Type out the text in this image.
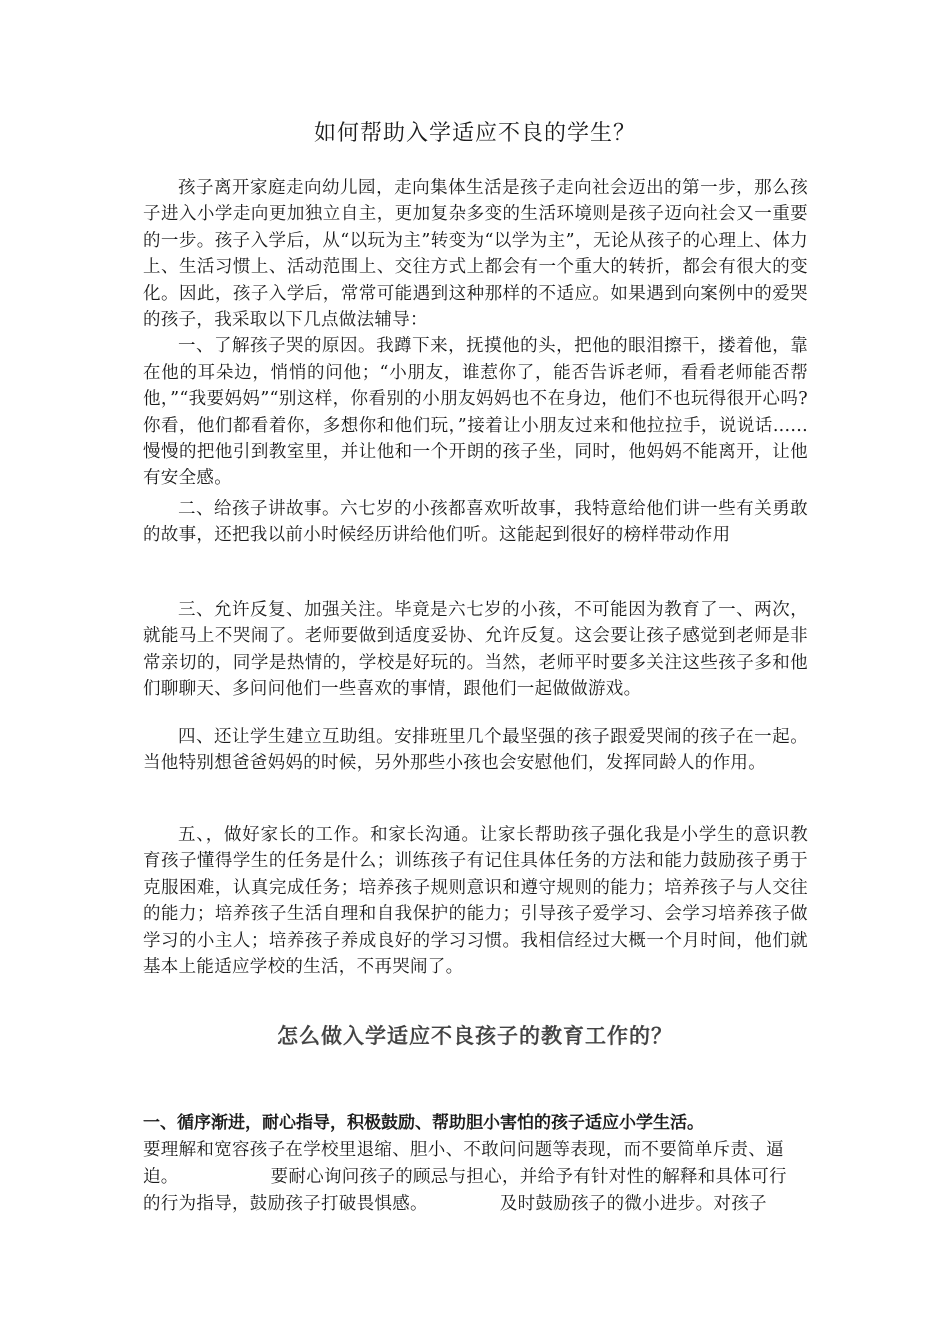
如何帮助入学适应不良的学生？

孩子离开家庭走向幼儿园，走向集体生活是孩子走向社会迈出的第一步，那么孩子进入小学走向更加独立自主，更加复杂多变的生活环境则是孩子迈向社会又一重要的一步。孩子入学后，从“以玩为主”转变为“以学为主”，无论从孩子的心理上、体力上、生活习惯上、活动范围上、交往方式上都会有一个重大的转折，都会有很大的变化。因此，孩子入学后，常常可能遇到这种那样的不适应。如果遇到向案例中的爱哭的孩子，我采取以下几点做法辅导：

一、了解孩子哭的原因。我蹲下来，抚摸他的头，把他的眼泪擦干，搂着他，靠在他的耳朵边，悄悄的问他；“小朋友，谁惹你了，能否告诉老师，看看老师能否帮他，”“我要妈妈”“别这样，你看别的小朋友妈妈也不在身边，他们不也玩得很开心吗?你看，他们都看着你，多想你和他们玩，”接着让小朋友过来和他拉拉手，说说话......慢慢的把他引到教室里，并让他和一个开朗的孩子坐，同时，他妈妈不能离开，让他有安全感。

二、给孩子讲故事。六七岁的小孩都喜欢听故事，我特意给他们讲一些有关勇敢的故事，还把我以前小时候经历讲给他们听。这能起到很好的榜样带动作用

三、允许反复、加强关注。毕竟是六七岁的小孩，不可能因为教育了一、两次，就能马上不哭闹了。老师要做到适度妥协、允许反复。这会要让孩子感觉到老师是非常亲切的，同学是热情的，学校是好玩的。当然，老师平时要多关注这些孩子多和他们聊聊天、多问问他们一些喜欢的事情，跟他们一起做做游戏。

四、还让学生建立互助组。安排班里几个最坚强的孩子跟爱哭闹的孩子在一起。当他特别想爸爸妈妈的时候，另外那些小孩也会安慰他们，发挥同龄人的作用。

五、，做好家长的工作。和家长沟通。让家长帮助孩子强化我是小学生的意识教育孩子懂得学生的任务是什么；训练孩子有记住具体任务的方法和能力鼓励孩子勇于克服困难，认真完成任务；培养孩子规则意识和遵守规则的能力；培养孩子与人交往的能力；培养孩子生活自理和自我保护的能力；引导孩子爱学习、会学习培养孩子做学习的小主人；培养孩子养成良好的学习习惯。我相信经过大概一个月时间，他们就基本上能适应学校的生活，不再哭闹了。

怎么做入学适应不良孩子的教育工作的？
一、循序渐进，耐心指导，积极鼓励、帮助胆小害怕的孩子适应小学生活。

要理解和宽容孩子在学校里退缩、胆小、不敢问问题等表现，而不要简单斥责、逼

迫。	要耐心询问孩子的顾忌与担心，并给予有针对性的解释和具体可行

的行为指导，鼓励孩子打破畏惧感。	及时鼓励孩子的微小进步。对孩子
